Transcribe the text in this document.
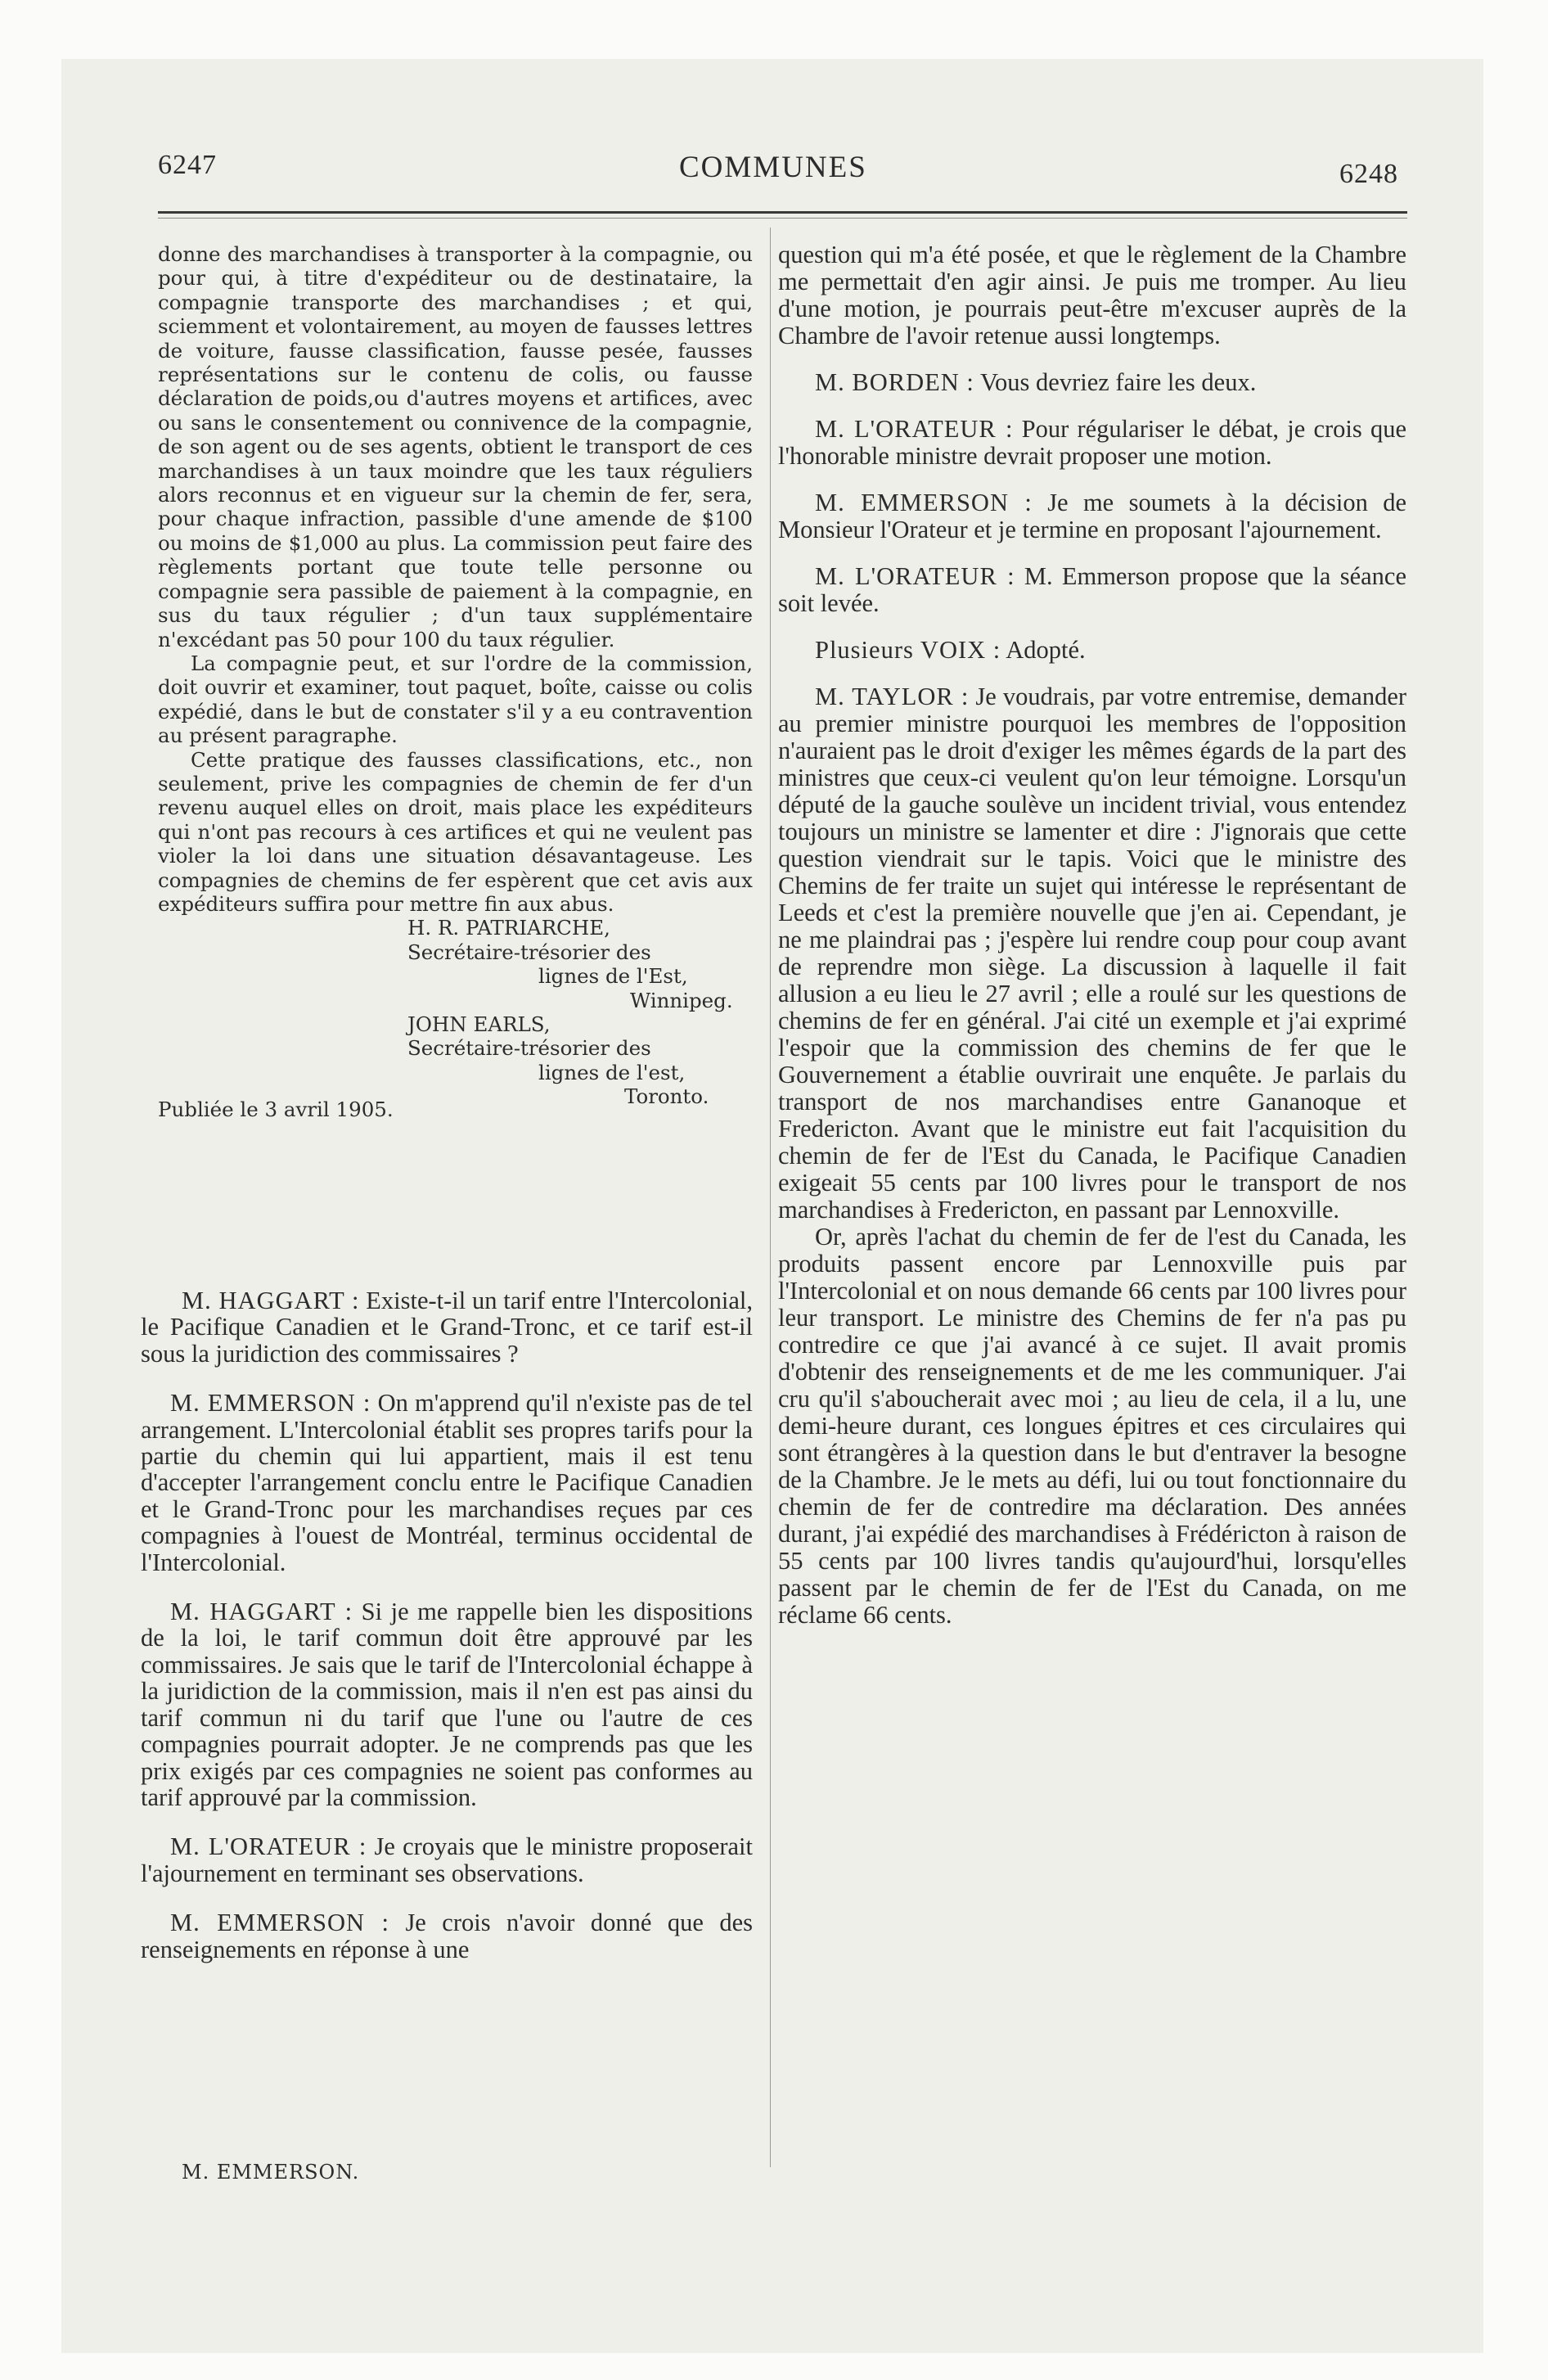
6247	COMMUNES	6248

donne des marchandises à transporter à la compagnie, ou pour qui, à titre d'expéditeur ou de destinataire, la compagnie transporte des marchandises ; et qui, sciemment et volontairement, au moyen de fausses lettres de voiture, fausse classification, fausse pesée, fausses représentations sur le contenu de colis, ou fausse déclaration de poids,ou d'autres moyens et artifices, avec ou sans le consentement ou connivence de la compagnie, de son agent ou de ses agents, obtient le transport de ces marchandises à un taux moindre que les taux réguliers alors reconnus et en vigueur sur la chemin de fer, sera, pour chaque infraction, passible d'une amende de $100 ou moins de $1,000 au plus. La commission peut faire des règlements portant que toute telle personne ou compagnie sera passible de paiement à la compagnie, en sus du taux régulier ; d'un taux supplémentaire n'excédant pas 50 pour 100 du taux régulier.

La compagnie peut, et sur l'ordre de la commission, doit ouvrir et examiner, tout paquet, boîte, caisse ou colis expédié, dans le but de constater s'il y a eu contravention au présent paragraphe.

Cette pratique des fausses classifications, etc., non seulement, prive les compagnies de chemin de fer d'un revenu auquel elles on droit, mais place les expéditeurs qui n'ont pas recours à ces artifices et qui ne veulent pas violer la loi dans une situation désavantageuse. Les compagnies de chemins de fer espèrent que cet avis aux expéditeurs suffira pour mettre fin aux abus.

H. R. PATRIARCHE,
Secrétaire-trésorier des
lignes de l'Est,
Winnipeg.
JOHN EARLS,
Secrétaire-trésorier des
lignes de l'est,
Toronto.

Publiée le 3 avril 1905.

M. HAGGART : Existe-t-il un tarif entre l'Intercolonial, le Pacifique Canadien et le Grand-Tronc, et ce tarif est-il sous la juridiction des commissaires ?

M. EMMERSON : On m'apprend qu'il n'existe pas de tel arrangement. L'Intercolonial établit ses propres tarifs pour la partie du chemin qui lui appartient, mais il est tenu d'accepter l'arrangement conclu entre le Pacifique Canadien et le Grand-Tronc pour les marchandises reçues par ces compagnies à l'ouest de Montréal, terminus occidental de l'Intercolonial.

M. HAGGART : Si je me rappelle bien les dispositions de la loi, le tarif commun doit être approuvé par les commissaires. Je sais que le tarif de l'Intercolonial échappe à la juridiction de la commission, mais il n'en est pas ainsi du tarif commun ni du tarif que l'une ou l'autre de ces compagnies pourrait adopter. Je ne comprends pas que les prix exigés par ces compagnies ne soient pas conformes au tarif approuvé par la commission.

M. L'ORATEUR : Je croyais que le ministre proposerait l'ajournement en terminant ses observations.

M. EMMERSON : Je crois n'avoir donné que des renseignements en réponse à une

question qui m'a été posée, et que le règlement de la Chambre me permettait d'en agir ainsi. Je puis me tromper. Au lieu d'une motion, je pourrais peut-être m'excuser auprès de la Chambre de l'avoir retenue aussi longtemps.

M. BORDEN : Vous devriez faire les deux.

M. L'ORATEUR : Pour régulariser le débat, je crois que l'honorable ministre devrait proposer une motion.

M. EMMERSON : Je me soumets à la décision de Monsieur l'Orateur et je termine en proposant l'ajournement.

M. L'ORATEUR : M. Emmerson propose que la séance soit levée.

Plusieurs VOIX : Adopté.

M. TAYLOR : Je voudrais, par votre entremise, demander au premier ministre pourquoi les membres de l'opposition n'auraient pas le droit d'exiger les mêmes égards de la part des ministres que ceux-ci veulent qu'on leur témoigne. Lorsqu'un député de la gauche soulève un incident trivial, vous entendez toujours un ministre se lamenter et dire : J'ignorais que cette question viendrait sur le tapis. Voici que le ministre des Chemins de fer traite un sujet qui intéresse le représentant de Leeds et c'est la première nouvelle que j'en ai. Cependant, je ne me plaindrai pas ; j'espère lui rendre coup pour coup avant de reprendre mon siège. La discussion à laquelle il fait allusion a eu lieu le 27 avril ; elle a roulé sur les questions de chemins de fer en général. J'ai cité un exemple et j'ai exprimé l'espoir que la commission des chemins de fer que le Gouvernement a établie ouvrirait une enquête. Je parlais du transport de nos marchandises entre Gananoque et Fredericton. Avant que le ministre eut fait l'acquisition du chemin de fer de l'Est du Canada, le Pacifique Canadien exigeait 55 cents par 100 livres pour le transport de nos marchandises à Fredericton, en passant par Lennoxville.

Or, après l'achat du chemin de fer de l'est du Canada, les produits passent encore par Lennoxville puis par l'Intercolonial et on nous demande 66 cents par 100 livres pour leur transport. Le ministre des Chemins de fer n'a pas pu contredire ce que j'ai avancé à ce sujet. Il avait promis d'obtenir des renseignements et de me les communiquer. J'ai cru qu'il s'aboucherait avec moi ; au lieu de cela, il a lu, une demi-heure durant, ces longues épitres et ces circulaires qui sont étrangères à la question dans le but d'entraver la besogne de la Chambre. Je le mets au défi, lui ou tout fonctionnaire du chemin de fer de contredire ma déclaration. Des années durant, j'ai expédié des marchandises à Frédéricton à raison de 55 cents par 100 livres tandis qu'aujourd'hui, lorsqu'elles passent par le chemin de fer de l'Est du Canada, on me réclame 66 cents.

M. EMMERSON.
